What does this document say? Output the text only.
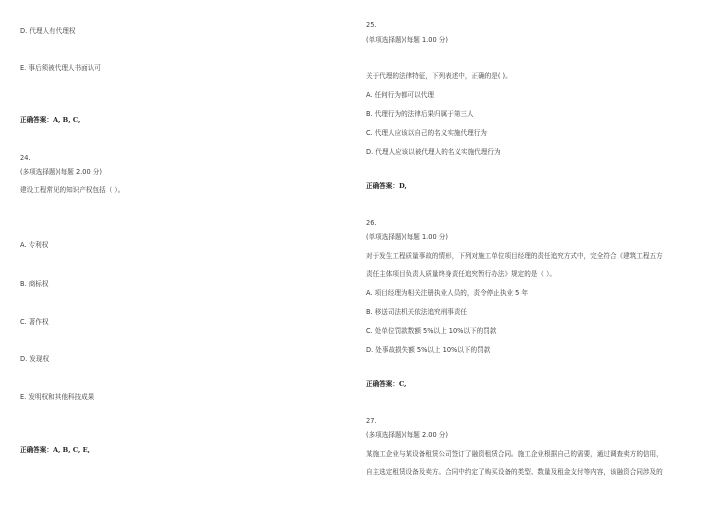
D. 代理人有代理权
E. 事后须被代理人书面认可
正确答案：A, B, C,
24.
(多项选择题)(每题 2.00 分)
建设工程常见的知识产权包括（ ）。
A. 专利权
B. 商标权
C. 著作权
D. 发现权
E. 发明权和其他科技成果
正确答案：A, B, C, E,
25.
(单项选择题)(每题 1.00 分)
关于代理的法律特征，下列表述中，正确的是( )。
A. 任何行为都可以代理
B. 代理行为的法律后果归属于第三人
C. 代理人应该以自己的名义实施代理行为
D. 代理人应该以被代理人的名义实施代理行为
正确答案：D,
26.
(单项选择题)(每题 1.00 分)
对于发生工程质量事故的情形，下列对施工单位项目经理的责任追究方式中，完全符合《建筑工程五方
责任主体项目负责人质量终身责任追究暂行办法》规定的是（ ）。
A. 项目经理为相关注册执业人员的，责令停止执业 5 年
B. 移送司法机关依法追究刑事责任
C. 处单位罚款数额 5%以上 10%以下的罚款
D. 处事故损失额 5%以上 10%以下的罚款
正确答案：C,
27.
(多项选择题)(每题 2.00 分)
某施工企业与某设备租赁公司签订了融资租赁合同。施工企业根据自己的需要，通过调查卖方的信用，
自主选定租赁设备及卖方。合同中约定了购买设备的类型、数量及租金支付等内容，该融资合同涉及的
